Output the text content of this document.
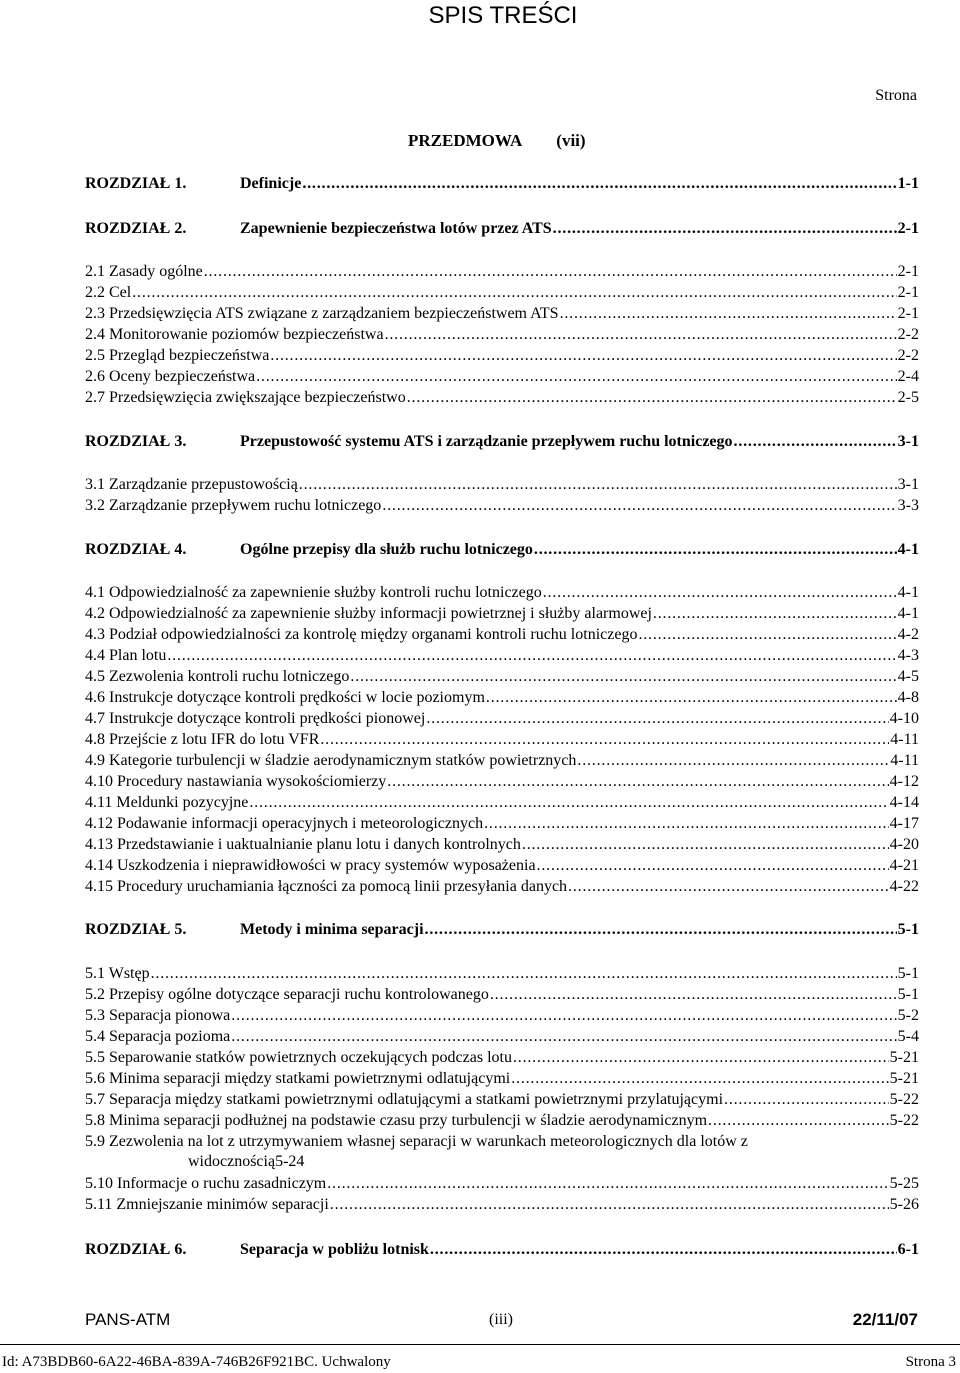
SPIS TREŚCI
Strona
PRZEDMOWA (vii)
ROZDZIAŁ 1.	Definicje . . .	1-1
ROZDZIAŁ 2.	Zapewnienie bezpieczeństwa lotów przez ATS . . .	2-1
2.1 Zasady ogólne . . .	2-1
2.2 Cel . . .	2-1
2.3 Przedsięwzięcia ATS związane z zarządzaniem bezpieczeństwem ATS . . .	2-1
2.4 Monitorowanie poziomów bezpieczeństwa . . .	2-2
2.5 Przegląd bezpieczeństwa . . .	2-2
2.6 Oceny bezpieczeństwa . . .	2-4
2.7 Przedsięwzięcia zwiększające bezpieczeństwo . . .	2-5
ROZDZIAŁ 3.	Przepustowość systemu ATS i zarządzanie przepływem ruchu lotniczego . . .	3-1
3.1 Zarządzanie przepustowością . . .	3-1
3.2 Zarządzanie przepływem ruchu lotniczego . . .	3-3
ROZDZIAŁ 4.	Ogólne przepisy dla służb ruchu lotniczego . . .	4-1
4.1 Odpowiedzialność za zapewnienie służby kontroli ruchu lotniczego . . .	4-1
4.2 Odpowiedzialność za zapewnienie służby informacji powietrznej i służby alarmowej . . .	4-1
4.3 Podział odpowiedzialności za kontrolę między organami kontroli ruchu lotniczego . . .	4-2
4.4 Plan lotu . . .	4-3
4.5 Zezwolenia kontroli ruchu lotniczego . . .	4-5
4.6 Instrukcje dotyczące kontroli prędkości w locie poziomym . . .	4-8
4.7 Instrukcje dotyczące kontroli prędkości pionowej . . .	4-10
4.8 Przejście z lotu IFR do lotu VFR . . .	4-11
4.9 Kategorie turbulencji w śladzie aerodynamicznym statków powietrznych . . .	4-11
4.10 Procedury nastawiania wysokościomierzy . . .	4-12
4.11 Meldunki pozycyjne . . .	4-14
4.12 Podawanie informacji operacyjnych i meteorologicznych . . .	4-17
4.13 Przedstawianie i uaktualnianie planu lotu i danych kontrolnych . . .	4-20
4.14 Uszkodzenia i nieprawidłowości w pracy systemów wyposażenia . . .	4-21
4.15 Procedury uruchamiania łączności za pomocą linii przesyłania danych . . .	4-22
ROZDZIAŁ 5.	Metody i minima separacji . . .	5-1
5.1 Wstęp . . .	5-1
5.2 Przepisy ogólne dotyczące separacji ruchu kontrolowanego . . .	5-1
5.3 Separacja pionowa . . .	5-2
5.4 Separacja pozioma . . .	5-4
5.5 Separowanie statków powietrznych oczekujących podczas lotu . . .	5-21
5.6 Minima separacji między statkami powietrznymi odlatującymi . . .	5-21
5.7 Separacja między statkami powietrznymi odlatującymi a statkami powietrznymi przylatującymi . . .	5-22
5.8 Minima separacji podłużnej na podstawie czasu przy turbulencji w śladzie aerodynamicznym . . .	5-22
5.9 Zezwolenia na lot z utrzymywaniem własnej separacji w warunkach meteorologicznych dla lotów z
widocznością 5-24
5.10 Informacje o ruchu zasadniczym . . .	5-25
5.11 Zmniejszanie minimów separacji . . .	5-26
ROZDZIAŁ 6.	Separacja w pobliżu lotnisk . . .	6-1
PANS-ATM	(iii)	22/11/07
Id: A73BDB60-6A22-46BA-839A-746B26F921BC. Uchwalony	Strona 3
